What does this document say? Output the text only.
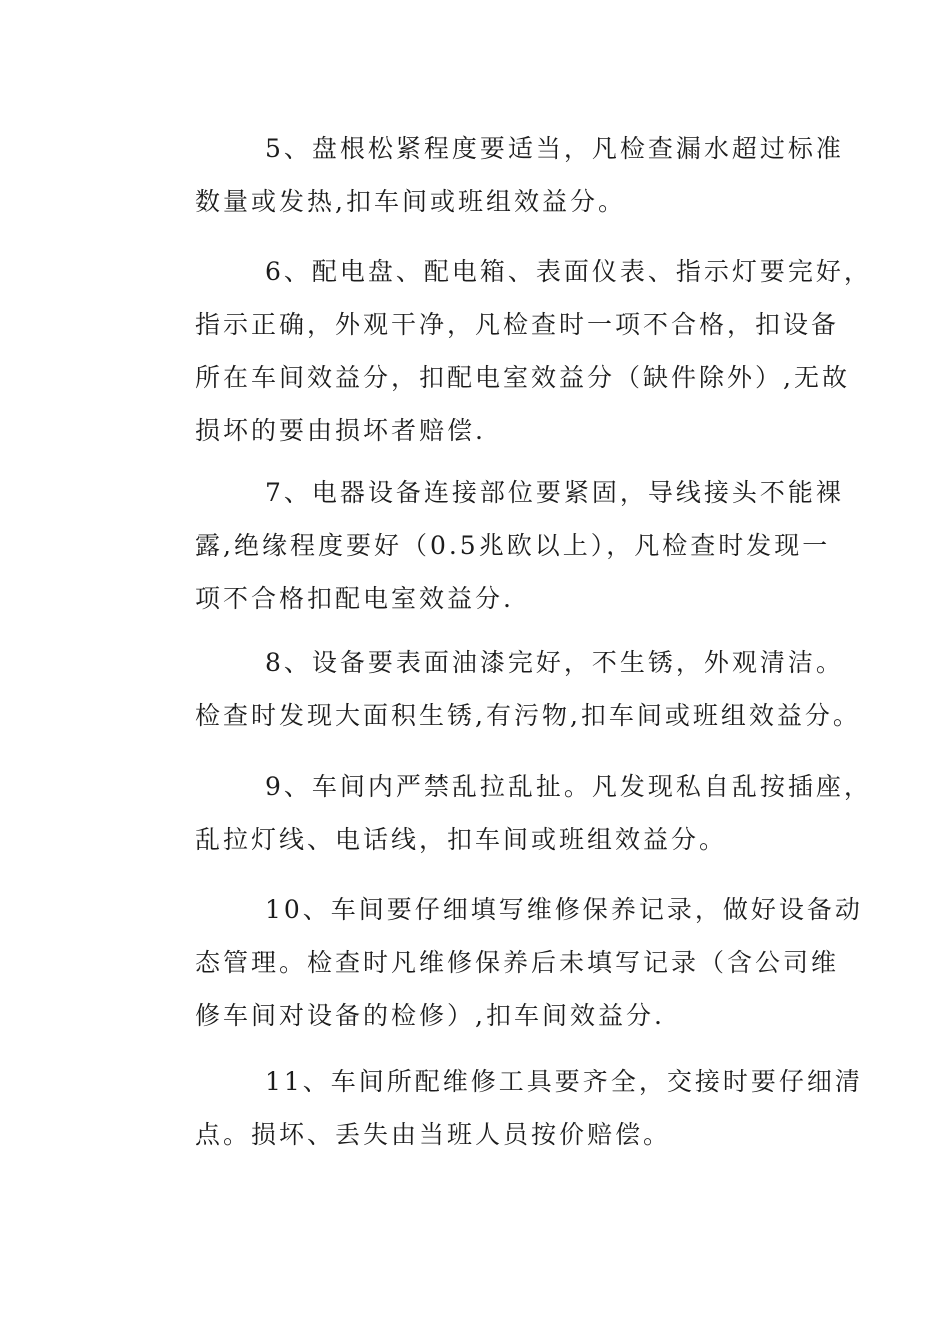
5、盘根松紧程度要适当，凡检查漏水超过标准
数量或发热,扣车间或班组效益分。
6、配电盘、配电箱、表面仪表、指示灯要完好，
指示正确，外观干净，凡检查时一项不合格，扣设备
所在车间效益分，扣配电室效益分（缺件除外）,无故
损坏的要由损坏者赔偿.
7、电器设备连接部位要紧固，导线接头不能裸
露,绝缘程度要好（0.5兆欧以上），凡检查时发现一
项不合格扣配电室效益分.
8、设备要表面油漆完好，不生锈，外观清洁。
检查时发现大面积生锈,有污物,扣车间或班组效益分。
9、车间内严禁乱拉乱扯。凡发现私自乱按插座，
乱拉灯线、电话线，扣车间或班组效益分。
10、车间要仔细填写维修保养记录，做好设备动
态管理。检查时凡维修保养后未填写记录（含公司维
修车间对设备的检修）,扣车间效益分.
11、车间所配维修工具要齐全，交接时要仔细清
点。损坏、丢失由当班人员按价赔偿。
